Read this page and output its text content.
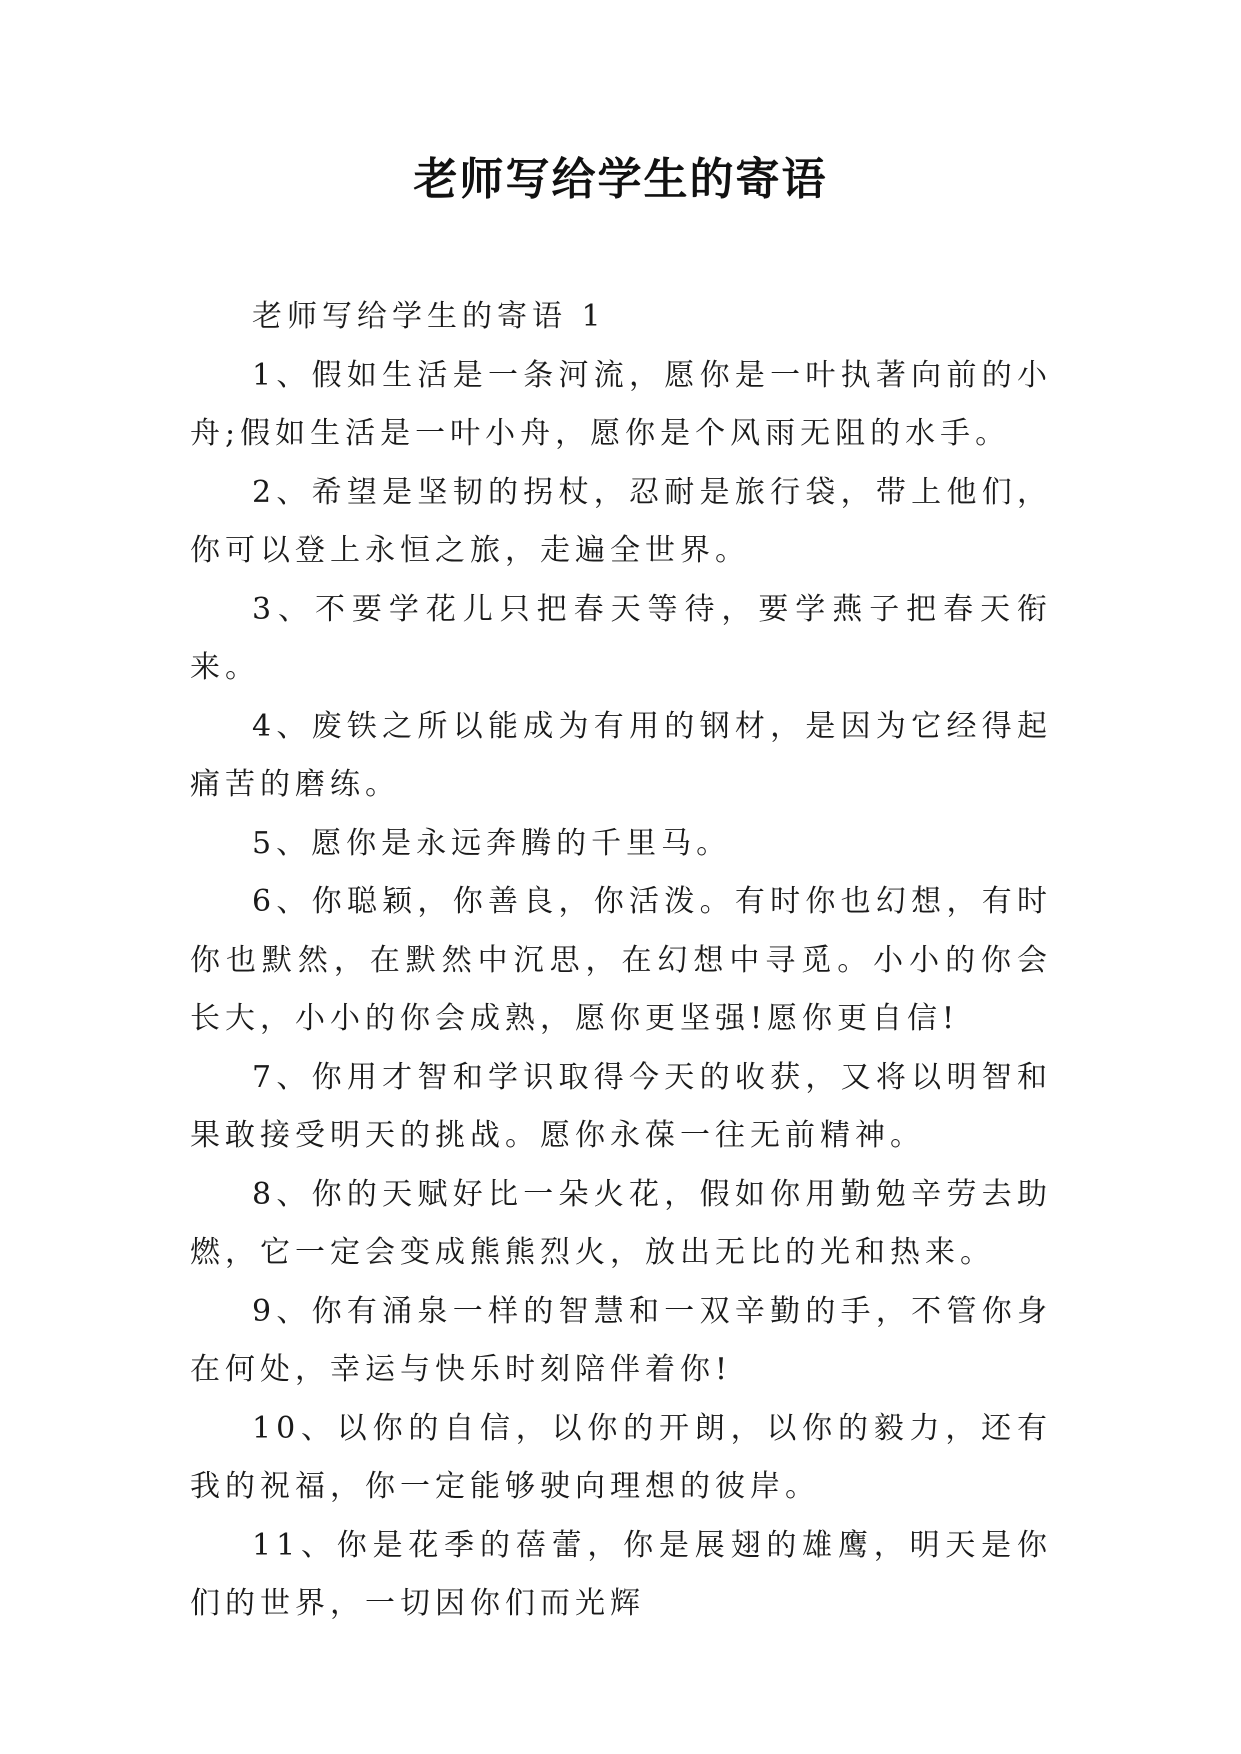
老师写给学生的寄语

老师写给学生的寄语 1

1、假如生活是一条河流，愿你是一叶执著向前的小舟;假如生活是一叶小舟，愿你是个风雨无阻的水手。

2、希望是坚韧的拐杖，忍耐是旅行袋，带上他们，你可以登上永恒之旅，走遍全世界。

3、不要学花儿只把春天等待，要学燕子把春天衔来。

4、废铁之所以能成为有用的钢材，是因为它经得起痛苦的磨练。

5、愿你是永远奔腾的千里马。

6、你聪颖，你善良，你活泼。有时你也幻想，有时你也默然，在默然中沉思，在幻想中寻觅。小小的你会长大，小小的你会成熟，愿你更坚强!愿你更自信!

7、你用才智和学识取得今天的收获，又将以明智和果敢接受明天的挑战。愿你永葆一往无前精神。

8、你的天赋好比一朵火花，假如你用勤勉辛劳去助燃，它一定会变成熊熊烈火，放出无比的光和热来。

9、你有涌泉一样的智慧和一双辛勤的手，不管你身在何处，幸运与快乐时刻陪伴着你!

10、以你的自信，以你的开朗，以你的毅力，还有我的祝福，你一定能够驶向理想的彼岸。

11、你是花季的蓓蕾，你是展翅的雄鹰，明天是你们的世界，一切因你们而光辉
